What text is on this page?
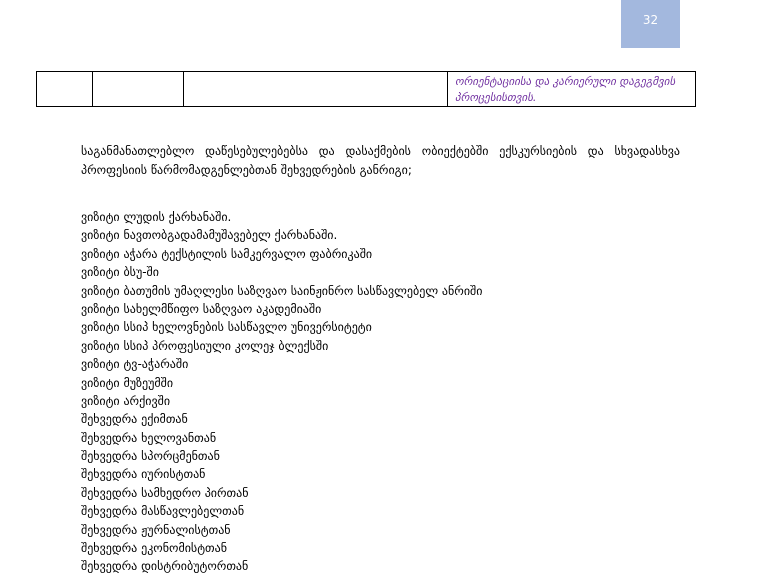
32
			ორიენტაციისა და კარიერული დაგეგმვის პროცესისთვის.

საგანმანათლებლო დაწესებულებებსა და დასაქმების ობიექტებში ექსკურსიების და სხვადასხვა პროფესიის წარმომადგენლებთან შეხვედრების განრიგი;

ვიზიტი ლუდის ქარხანაში.
ვიზიტი ნავთობგადამამუშავებელ ქარხანაში.
ვიზიტი აჭარა ტექსტილის სამკერვალო ფაბრიკაში
ვიზიტი ბსუ-ში
ვიზიტი ბათუმის უმაღლესი საზღვაო საინჟინრო სასწავლებელ ანრიში
ვიზიტი სახელმწიფო საზღვაო აკადემიაში
ვიზიტი სსიპ ხელოვნების სასწავლო უნივერსიტეტი
ვიზიტი სსიპ პროფესიული კოლეჯ ბლექსში
ვიზიტი ტვ-აჭარაში
ვიზიტი მუზეუმში
ვიზიტი არქივში
შეხვედრა ექიმთან
შეხვედრა ხელოვანთან
შეხვედრა სპორცმენთან
შეხვედრა იურისტთან
შეხვედრა სამხედრო პირთან
შეხვედრა მასწავლებელთან
შეხვედრა ჟურნალისტთან
შეხვედრა ეკონომისტთან
შეხვედრა დისტრიბუტორთან
